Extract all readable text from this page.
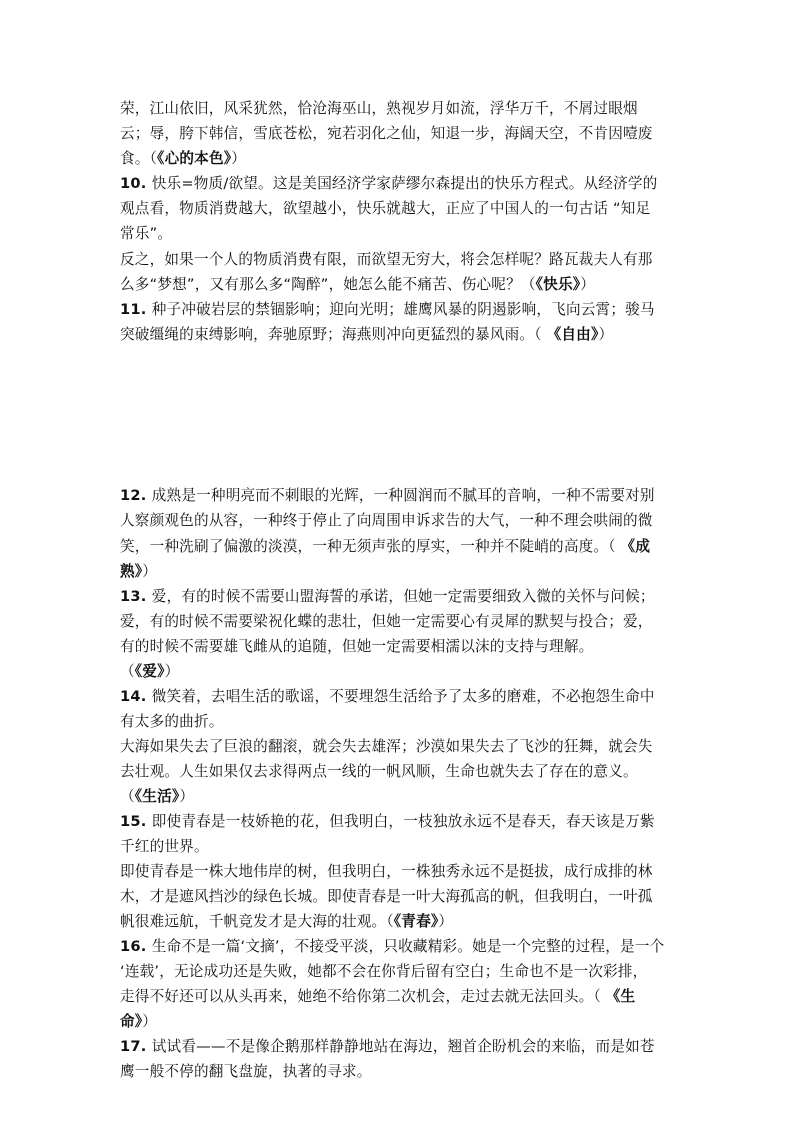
荣，江山依旧，风采犹然，恰沧海巫山，熟视岁月如流，浮华万千，不屑过眼烟
云；辱，胯下韩信，雪底苍松，宛若羽化之仙，知退一步，海阔天空，不肯因噎废
食。（《心的本色》）
10. 快乐=物质/欲望。这是美国经济学家萨缪尔森提出的快乐方程式。从经济学的
观点看，物质消费越大，欲望越小，快乐就越大，正应了中国人的一句古话 “知足
常乐”。
反之，如果一个人的物质消费有限，而欲望无穷大，将会怎样呢？路瓦裁夫人有那
么多“梦想”，又有那么多“陶醉”，她怎么能不痛苦、伤心呢？（《快乐》）
11. 种子冲破岩层的禁锢影响；迎向光明；雄鹰风暴的阴遏影响，飞向云霄；骏马
突破缰绳的束缚影响，奔驰原野；海燕则冲向更猛烈的暴风雨。（ 《自由》）
12. 成熟是一种明亮而不刺眼的光辉，一种圆润而不腻耳的音响，一种不需要对别
人察颜观色的从容，一种终于停止了向周围申诉求告的大气，一种不理会哄闹的微
笑，一种洗刷了偏激的淡漠，一种无须声张的厚实，一种并不陡峭的高度。（ 《成
熟》）
13. 爱，有的时候不需要山盟海誓的承诺，但她一定需要细致入微的关怀与问候；
爱，有的时候不需要梁祝化蝶的悲壮，但她一定需要心有灵犀的默契与投合；爱，
有的时候不需要雄飞雌从的追随，但她一定需要相濡以沫的支持与理解。
（《爱》）
14. 微笑着，去唱生活的歌谣，不要埋怨生活给予了太多的磨难，不必抱怨生命中
有太多的曲折。
大海如果失去了巨浪的翻滚，就会失去雄浑；沙漠如果失去了飞沙的狂舞，就会失
去壮观。人生如果仅去求得两点一线的一帆风顺，生命也就失去了存在的意义。
（《生活》）
15. 即使青春是一枝娇艳的花，但我明白，一枝独放永远不是春天，春天该是万紫
千红的世界。
即使青春是一株大地伟岸的树，但我明白，一株独秀永远不是挺拔，成行成排的林
木，才是遮风挡沙的绿色长城。即使青春是一叶大海孤高的帆，但我明白，一叶孤
帆很难远航，千帆竞发才是大海的壮观。（《青春》）
16. 生命不是一篇‘文摘’，不接受平淡，只收藏精彩。她是一个完整的过程，是一个
‘连载’，无论成功还是失败，她都不会在你背后留有空白；生命也不是一次彩排，
走得不好还可以从头再来，她绝不给你第二次机会，走过去就无法回头。（ 《生
命》）
17. 试试看——不是像企鹅那样静静地站在海边，翘首企盼机会的来临，而是如苍
鹰一般不停的翻飞盘旋，执著的寻求。
